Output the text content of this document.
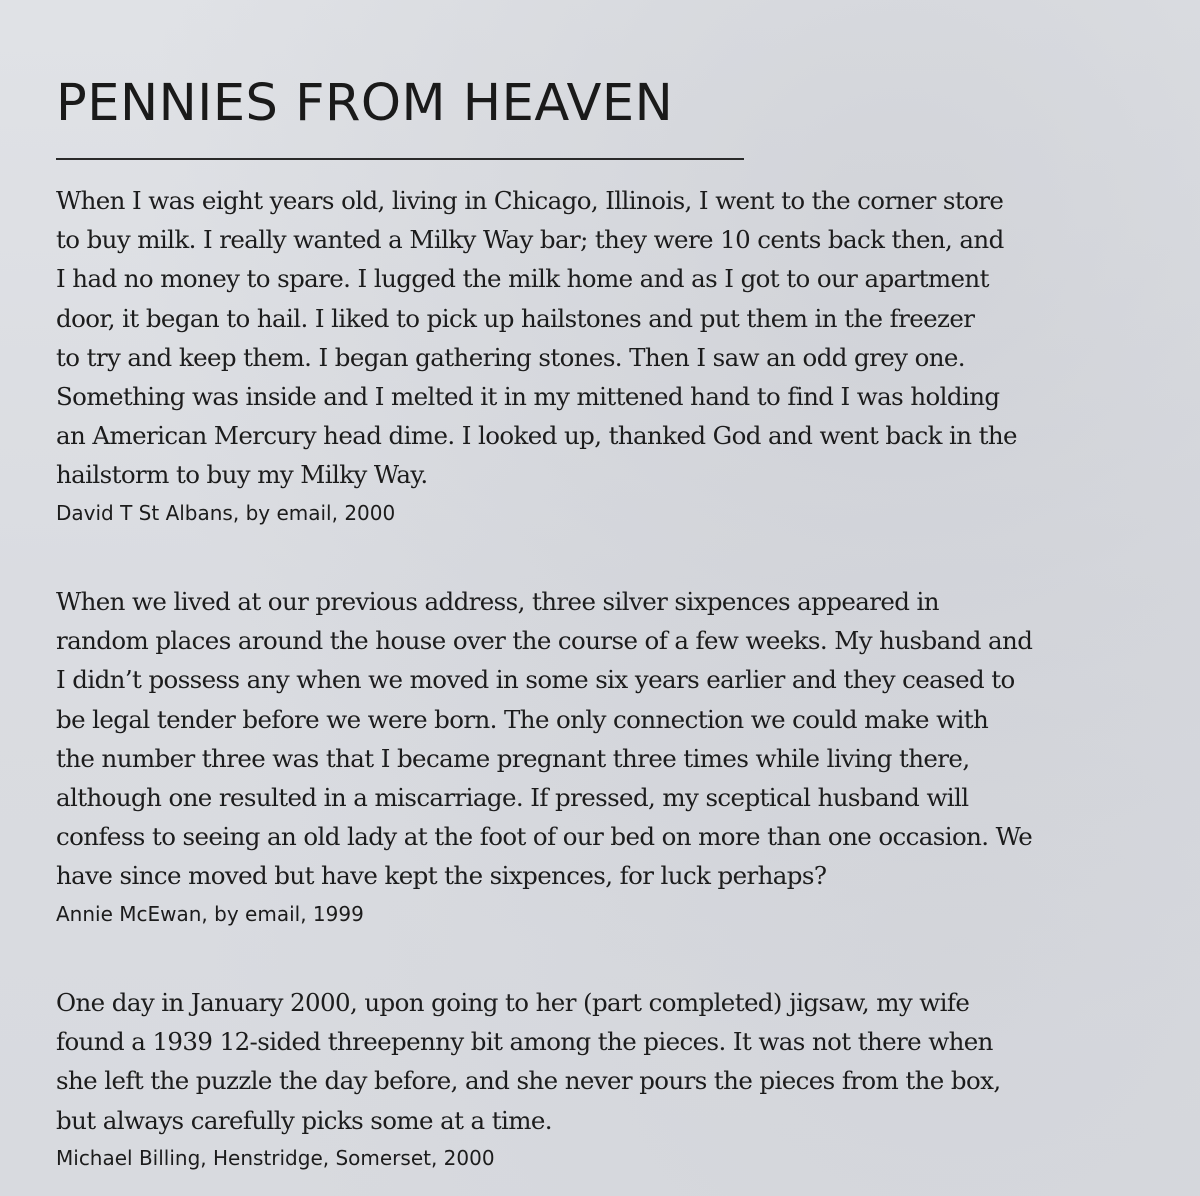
PENNIES FROM HEAVEN

When I was eight years old, living in Chicago, Illinois, I went to the corner store
to buy milk. I really wanted a Milky Way bar; they were 10 cents back then, and
I had no money to spare. I lugged the milk home and as I got to our apartment
door, it began to hail. I liked to pick up hailstones and put them in the freezer
to try and keep them. I began gathering stones. Then I saw an odd grey one.
Something was inside and I melted it in my mittened hand to find I was holding
an American Mercury head dime. I looked up, thanked God and went back in the
hailstorm to buy my Milky Way.

David T St Albans, by email, 2000

When we lived at our previous address, three silver sixpences appeared in
random places around the house over the course of a few weeks. My husband and
I didn’t possess any when we moved in some six years earlier and they ceased to
be legal tender before we were born. The only connection we could make with
the number three was that I became pregnant three times while living there,
although one resulted in a miscarriage. If pressed, my sceptical husband will
confess to seeing an old lady at the foot of our bed on more than one occasion. We
have since moved but have kept the sixpences, for luck perhaps?

Annie McEwan, by email, 1999

One day in January 2000, upon going to her (part completed) jigsaw, my wife
found a 1939 12-sided threepenny bit among the pieces. It was not there when
she left the puzzle the day before, and she never pours the pieces from the box,
but always carefully picks some at a time.

Michael Billing, Henstridge, Somerset, 2000
